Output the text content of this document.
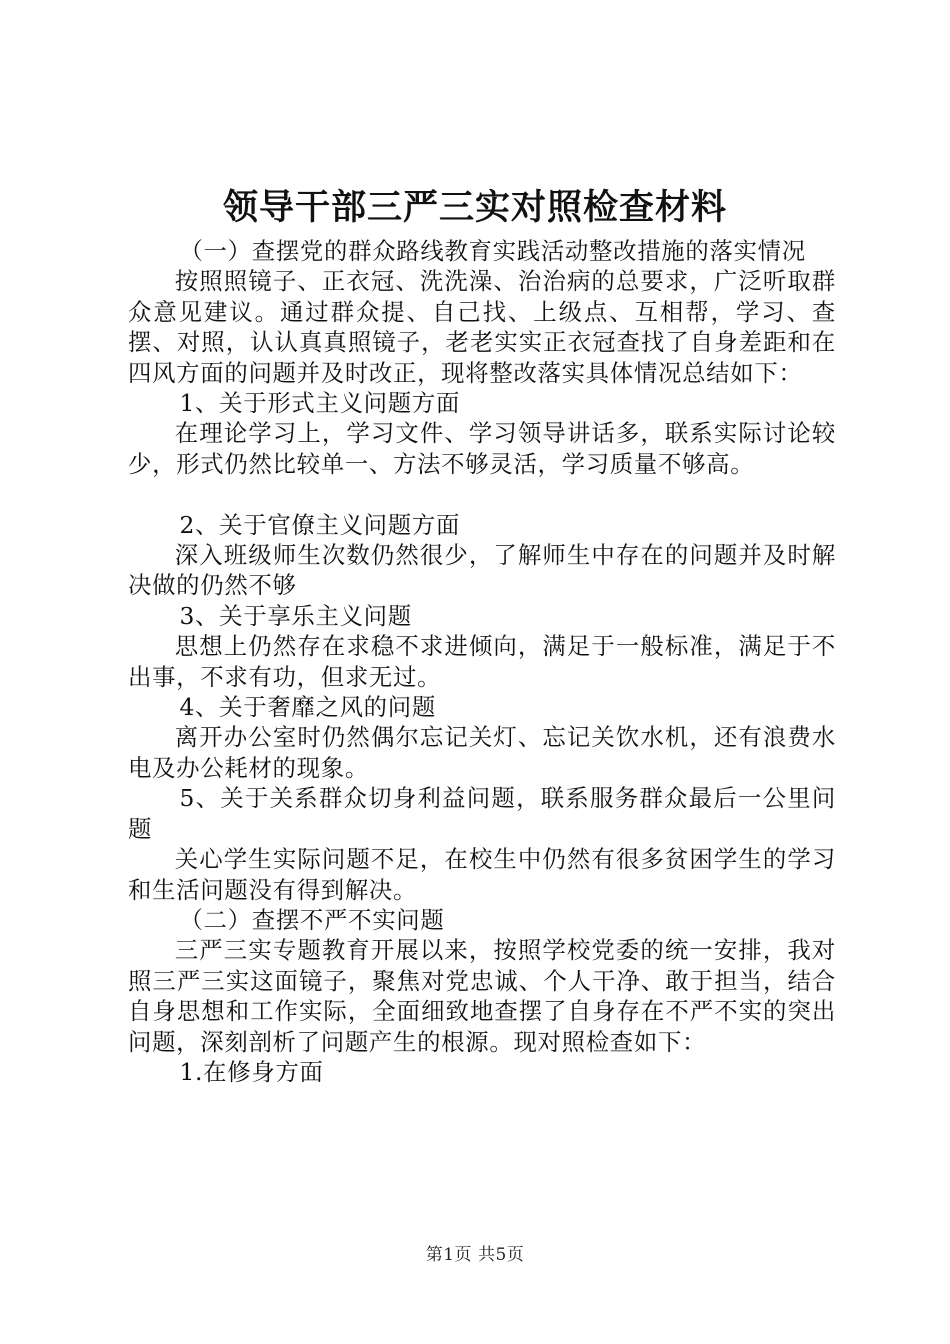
领导干部三严三实对照检查材料

（一）查摆党的群众路线教育实践活动整改措施的落实情况

按照照镜子、正衣冠、洗洗澡、治治病的总要求，广泛听取群众意见建议。通过群众提、自己找、上级点、互相帮，学习、查摆、对照，认认真真照镜子，老老实实正衣冠查找了自身差距和在四风方面的问题并及时改正，现将整改落实具体情况总结如下：

1、关于形式主义问题方面

在理论学习上，学习文件、学习领导讲话多，联系实际讨论较少，形式仍然比较单一、方法不够灵活，学习质量不够高。

2、关于官僚主义问题方面

深入班级师生次数仍然很少，了解师生中存在的问题并及时解决做的仍然不够

3、关于享乐主义问题

思想上仍然存在求稳不求进倾向，满足于一般标准，满足于不出事，不求有功，但求无过。

4、关于奢靡之风的问题

离开办公室时仍然偶尔忘记关灯、忘记关饮水机，还有浪费水电及办公耗材的现象。

5、关于关系群众切身利益问题，联系服务群众最后一公里问题

关心学生实际问题不足，在校生中仍然有很多贫困学生的学习和生活问题没有得到解决。

（二）查摆不严不实问题

三严三实专题教育开展以来，按照学校党委的统一安排，我对照三严三实这面镜子，聚焦对党忠诚、个人干净、敢于担当，结合自身思想和工作实际，全面细致地查摆了自身存在不严不实的突出问题，深刻剖析了问题产生的根源。现对照检查如下：

1.在修身方面

第1页 共5页
